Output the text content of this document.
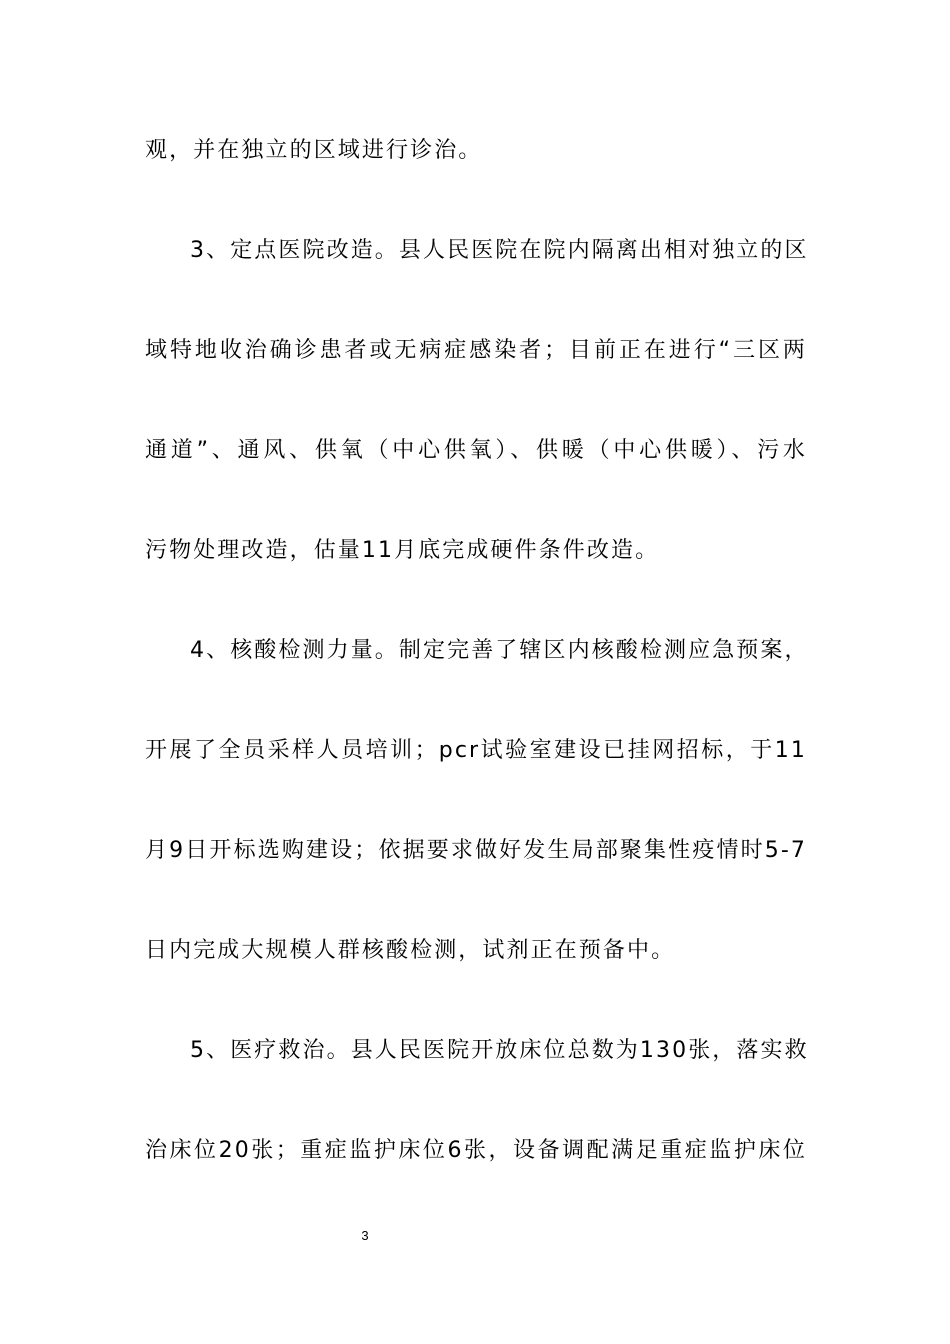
观，并在独立的区域进行诊治。
3、定点医院改造。县人民医院在院内隔离出相对独立的区
域特地收治确诊患者或无病症感染者；目前正在进行“三区两
通道”、通风、供氧（中心供氧）、供暖（中心供暖）、污水
污物处理改造，估量11月底完成硬件条件改造。
4、核酸检测力量。制定完善了辖区内核酸检测应急预案，
开展了全员采样人员培训；pcr试验室建设已挂网招标，于11
月9日开标选购建设；依据要求做好发生局部聚集性疫情时5-7
日内完成大规模人群核酸检测，试剂正在预备中。
5、医疗救治。县人民医院开放床位总数为130张，落实救
治床位20张；重症监护床位6张，设备调配满足重症监护床位
3
